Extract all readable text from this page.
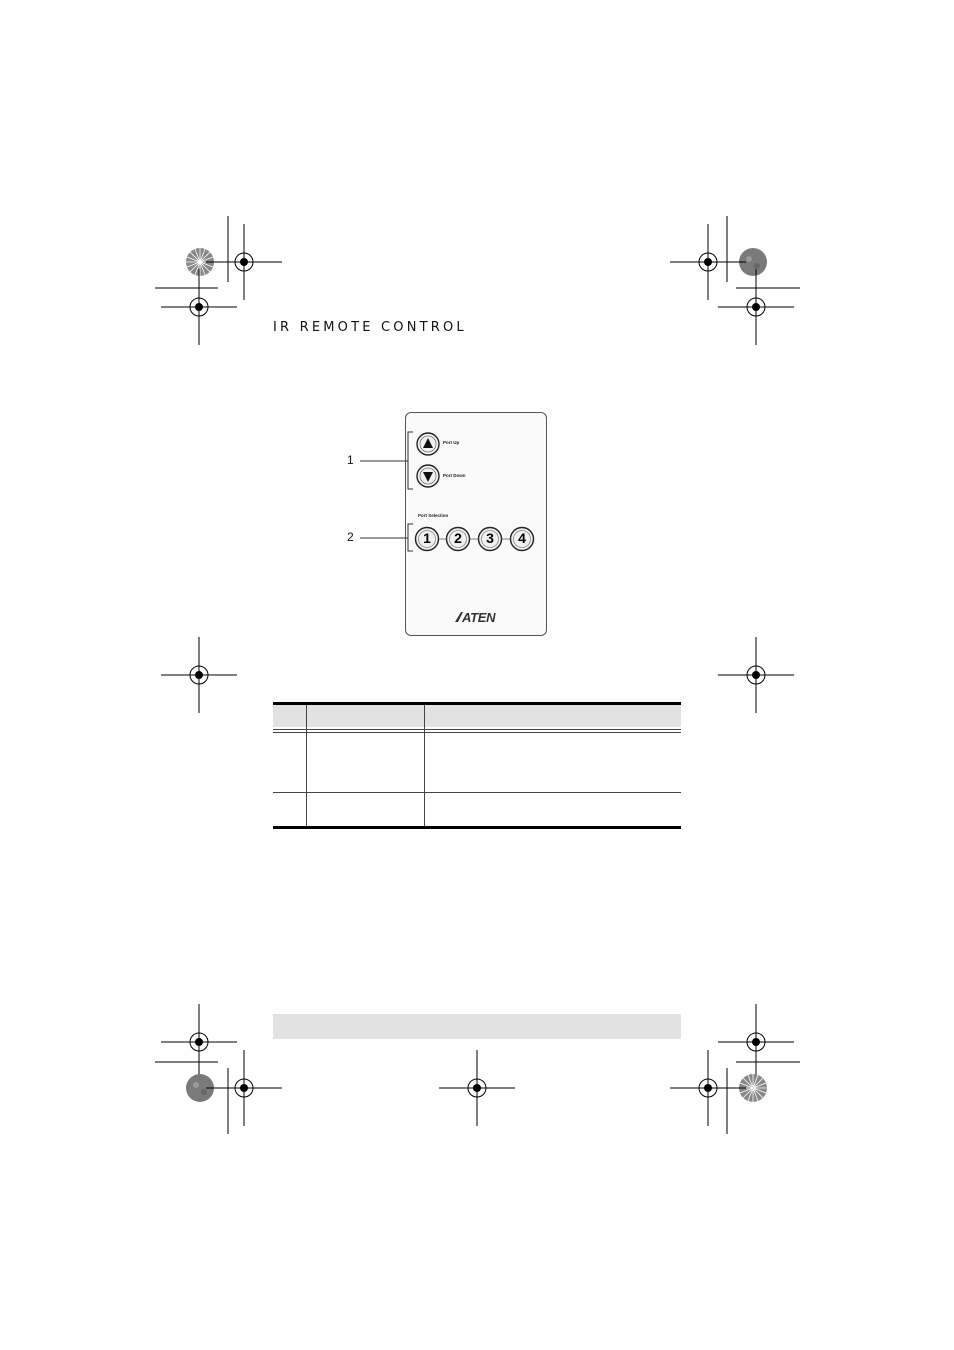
IR REMOTE CONTROL
Port Up
Port Down
Port Selection
1 2 3 4
ATEN
1
2
